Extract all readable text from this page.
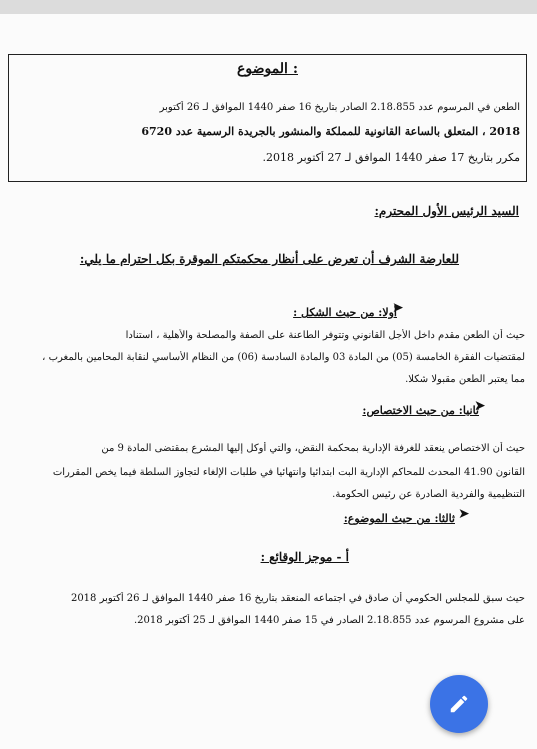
الموضوع :
الطعن في المرسوم عدد 2.18.855 الصادر بتاريخ 16 صفر 1440 الموافق لـ 26 أكتوبر
2018 ، المتعلق بالساعة القانونية للمملكة والمنشور بالجريدة الرسمية عدد 6720
مكرر بتاريخ 17 صفر 1440 الموافق لـ 27 أكتوبر 2018.
السيد الرئيس الأول المحترم:
للعارضة الشرف أن تعرض على أنظار محكمتكم الموقرة بكل احترام ما يلي:
أولا: من حيث الشكل :
➤
حيث أن الطعن مقدم داخل الأجل القانوني وتتوفر الطاعنة على الصفة والمصلحة والأهلية ، استنادا
لمقتضيات الفقرة الخامسة (05) من المادة 03 والمادة السادسة (06) من النظام الأساسي لنقابة المحامين بالمغرب ،
مما يعتبر الطعن مقبولا شكلا.
ثانيا: من حيث الاختصاص:
➤
حيث أن الاختصاص ينعقد للغرفة الإدارية بمحكمة النقض، والتي أوكل إليها المشرع بمقتضى المادة 9 من
القانون 41.90 المحدث للمحاكم الإدارية البت ابتدائيا وانتهائيا في طلبات الإلغاء لتجاوز السلطة فيما يخص المقررات
التنظيمية والفردية الصادرة عن رئيس الحكومة.
ثالثا: من حيث الموضوع: ➤
أ - موجز الوقائع :
حيث سبق للمجلس الحكومي أن صادق في اجتماعه المنعقد بتاريخ 16 صفر 1440 الموافق لـ 26 أكتوبر 2018
على مشروع المرسوم عدد 2.18.855 الصادر في 15 صفر 1440 الموافق لـ 25 أكتوبر 2018.
